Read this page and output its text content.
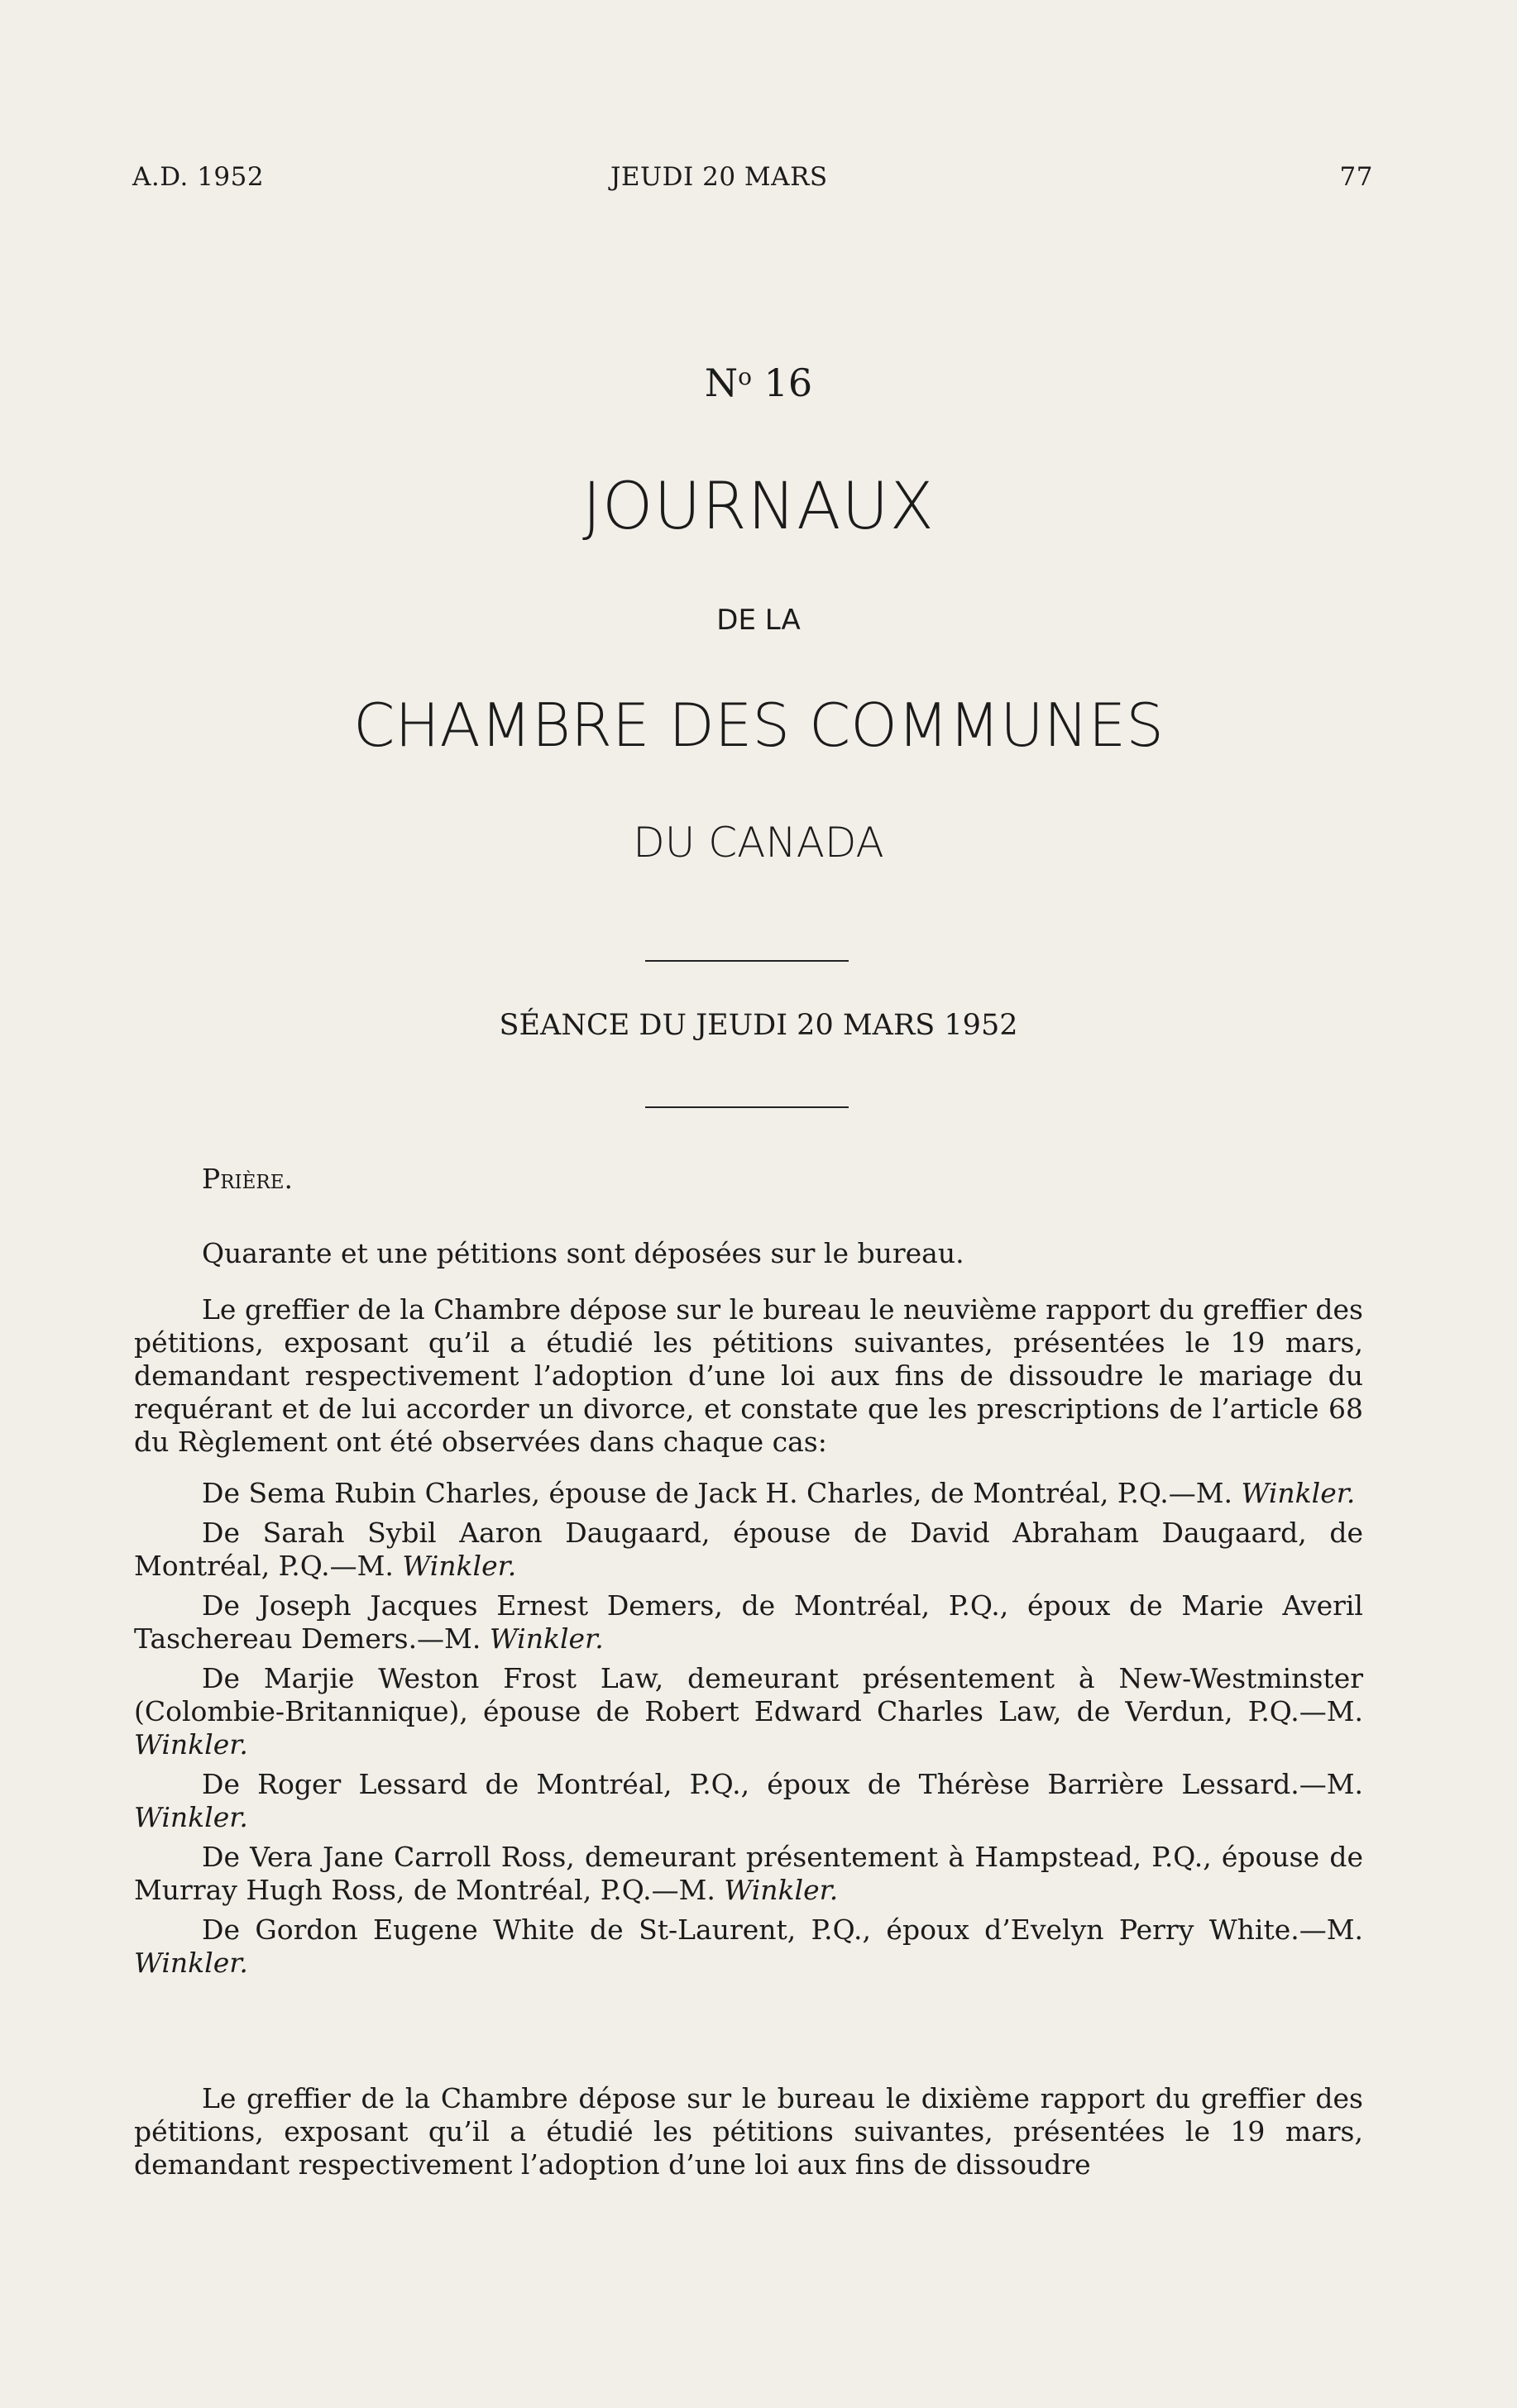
A.D. 1952	JEUDI 20 MARS	77
$N^o$ 16
JOURNAUX
DE LA
CHAMBRE DES COMMUNES
DU CANADA
SÉANCE DU JEUDI 20 MARS 1952

Prière.

Quarante et une pétitions sont déposées sur le bureau.

Le greffier de la Chambre dépose sur le bureau le neuvième rapport du greffier des pétitions, exposant qu’il a étudié les pétitions suivantes, présentées le 19 mars, demandant respectivement l’adoption d’une loi aux fins de dissoudre le mariage du requérant et de lui accorder un divorce, et constate que les prescriptions de l’article 68 du Règlement ont été observées dans chaque cas:

De Sema Rubin Charles, épouse de Jack H. Charles, de Montréal, P.Q.—M. Winkler.

De Sarah Sybil Aaron Daugaard, épouse de David Abraham Daugaard, de Montréal, P.Q.—M. Winkler.

De Joseph Jacques Ernest Demers, de Montréal, P.Q., époux de Marie Averil Taschereau Demers.—M. Winkler.

De Marjie Weston Frost Law, demeurant présentement à New-Westminster (Colombie-Britannique), épouse de Robert Edward Charles Law, de Verdun, P.Q.—M. Winkler.

De Roger Lessard de Montréal, P.Q., époux de Thérèse Barrière Lessard.—M. Winkler.

De Vera Jane Carroll Ross, demeurant présentement à Hampstead, P.Q., épouse de Murray Hugh Ross, de Montréal, P.Q.—M. Winkler.

De Gordon Eugene White de St-Laurent, P.Q., époux d’Evelyn Perry White.—M. Winkler.

Le greffier de la Chambre dépose sur le bureau le dixième rapport du greffier des pétitions, exposant qu’il a étudié les pétitions suivantes, présentées le 19 mars, demandant respectivement l’adoption d’une loi aux fins de dissoudre
